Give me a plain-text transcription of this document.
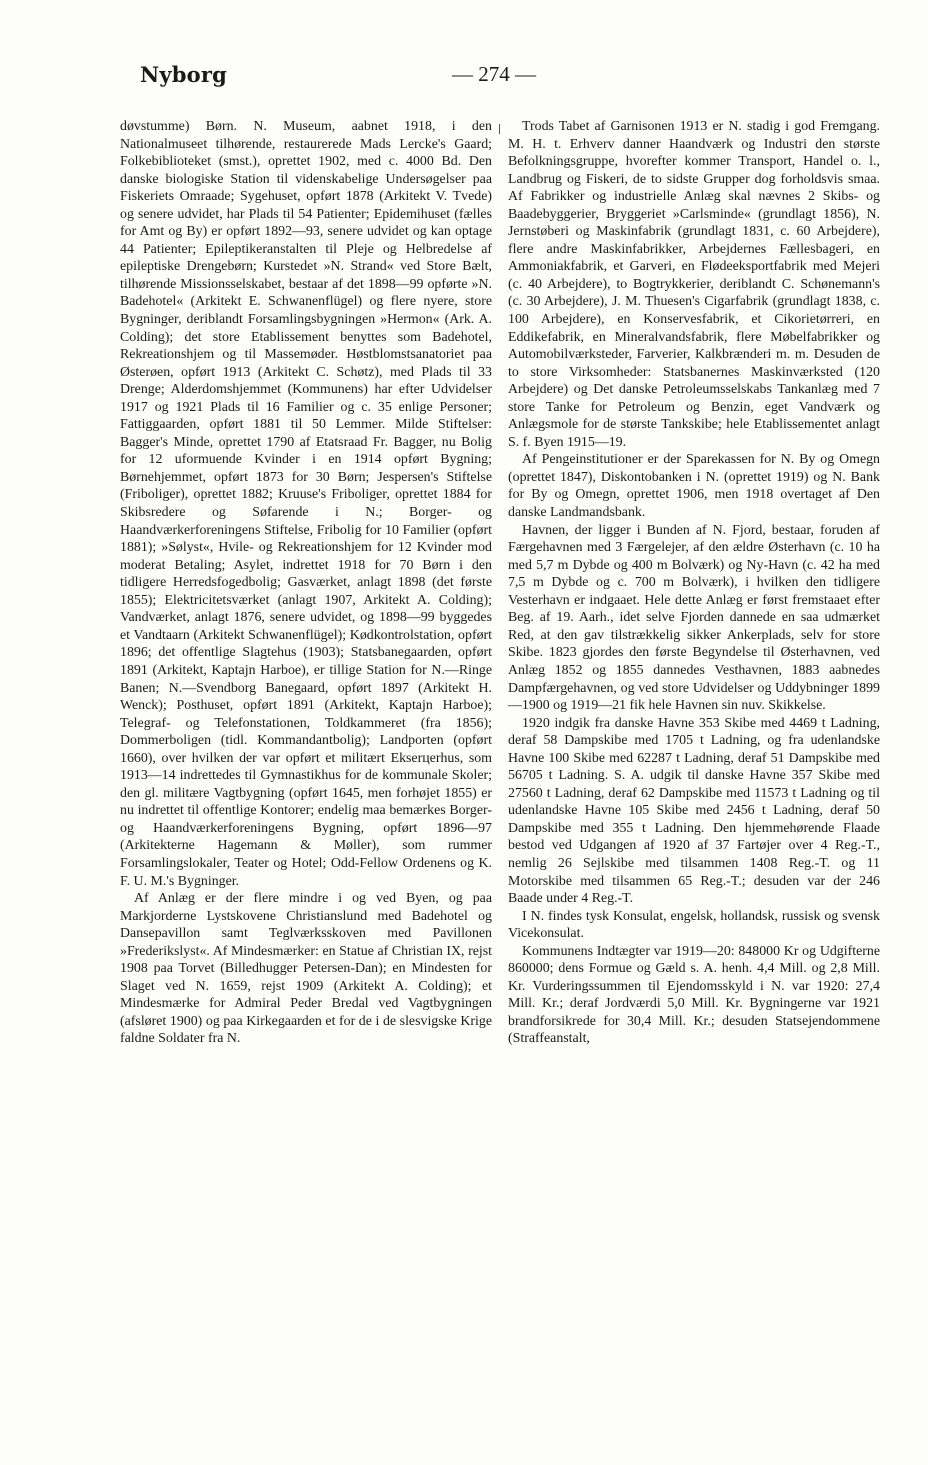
Nyborg	— 274 —

døvstumme) Børn. N. Museum, aabnet 1918, i den Nationalmuseet tilhørende, restaurerede Mads Lercke's Gaard; Folkebiblioteket (smst.), oprettet 1902, med c. 4000 Bd. Den danske biologiske Station til videnskabelige Undersøgelser paa Fiskeriets Omraade; Sygehuset, opført 1878 (Arkitekt V. Tvede) og senere udvidet, har Plads til 54 Patienter; Epidemihuset (fælles for Amt og By) er opført 1892—93, senere udvidet og kan optage 44 Patienter; Epileptikeranstalten til Pleje og Helbredelse af epileptiske Drengebørn; Kurstedet »N. Strand« ved Store Bælt, tilhørende Missionsselskabet, bestaar af det 1898—99 opførte »N. Badehotel« (Arkitekt E. Schwanenflügel) og flere nyere, store Bygninger, deriblandt Forsamlingsbygningen »Hermon« (Ark. A. Colding); det store Etablissement benyttes som Badehotel, Rekreationshjem og til Massemøder. Høstblomstsanatoriet paa Østerøen, opført 1913 (Arkitekt C. Schøtz), med Plads til 33 Drenge; Alderdomshjemmet (Kommunens) har efter Udvidelser 1917 og 1921 Plads til 16 Familier og c. 35 enlige Personer; Fattiggaarden, opført 1881 til 50 Lemmer. Milde Stiftelser: Bagger's Minde, oprettet 1790 af Etatsraad Fr. Bagger, nu Bolig for 12 uformuende Kvinder i en 1914 opført Bygning; Børnehjemmet, opført 1873 for 30 Børn; Jespersen's Stiftelse (Friboliger), oprettet 1882; Kruuse's Friboliger, oprettet 1884 for Skibsredere og Søfarende i N.; Borger- og Haandværkerforeningens Stiftelse, Fribolig for 10 Familier (opført 1881); »Sølyst«, Hvile- og Rekreationshjem for 12 Kvinder mod moderat Betaling; Asylet, indrettet 1918 for 70 Børn i den tidligere Herredsfogedbolig; Gasværket, anlagt 1898 (det første 1855); Elektricitetsværket (anlagt 1907, Arkitekt A. Colding); Vandværket, anlagt 1876, senere udvidet, og 1898—99 byggedes et Vandtaarn (Arkitekt Schwanenflügel); Kødkontrolstation, opført 1896; det offentlige Slagtehus (1903); Statsbanegaarden, opført 1891 (Arkitekt, Kaptajn Harboe), er tillige Station for N.—Ringe Banen; N.—Svendborg Banegaard, opført 1897 (Arkitekt H. Wenck); Posthuset, opført 1891 (Arkitekt, Kaptajn Harboe); Telegraf- og Telefonstationen, Toldkammeret (fra 1856); Dommerboligen (tidl. Kommandantbolig); Landporten (opført 1660), over hvilken der var opført et militært Ekserцerhus, som 1913—14 indrettedes til Gymnastikhus for de kommunale Skoler; den gl. militære Vagtbygning (opført 1645, men forhøjet 1855) er nu indrettet til offentlige Kontorer; endelig maa bemærkes Borger- og Haandværkerforeningens Bygning, opført 1896—97 (Arkitekterne Hagemann & Møller), som rummer Forsamlingslokaler, Teater og Hotel; Odd-Fellow Ordenens og K. F. U. M.'s Bygninger.

Af Anlæg er der flere mindre i og ved Byen, og paa Markjorderne Lystskovene Christianslund med Badehotel og Dansepavillon samt Teglværksskoven med Pavillonen »Frederikslyst«. Af Mindesmærker: en Statue af Christian IX, rejst 1908 paa Torvet (Billedhugger Petersen-Dan); en Mindesten for Slaget ved N. 1659, rejst 1909 (Arkitekt A. Colding); et Mindesmærke for Admiral Peder Bredal ved Vagtbygningen (afsløret 1900) og paa Kirkegaarden et for de i de slesvigske Krige faldne Soldater fra N.

Trods Tabet af Garnisonen 1913 er N. stadig i god Fremgang. M. H. t. Erhverv danner Haandværk og Industri den største Befolkningsgruppe, hvorefter kommer Transport, Handel o. l., Landbrug og Fiskeri, de to sidste Grupper dog forholdsvis smaa. Af Fabrikker og industrielle Anlæg skal nævnes 2 Skibs- og Baadebyggerier, Bryggeriet »Carlsminde« (grundlagt 1856), N. Jernstøberi og Maskinfabrik (grundlagt 1831, c. 60 Arbejdere), flere andre Maskinfabrikker, Arbejdernes Fællesbageri, en Ammoniakfabrik, et Garveri, en Flødeeksportfabrik med Mejeri (c. 40 Arbejdere), to Bogtrykkerier, deriblandt C. Schønemann's (c. 30 Arbejdere), J. M. Thuesen's Cigarfabrik (grundlagt 1838, c. 100 Arbejdere), en Konservesfabrik, et Cikorietørreri, en Eddikefabrik, en Mineralvandsfabrik, flere Møbelfabrikker og Automobilværksteder, Farverier, Kalkbrænderi m. m. Desuden de to store Virksomheder: Statsbanernes Maskinværksted (120 Arbejdere) og Det danske Petroleumsselskabs Tankanlæg med 7 store Tanke for Petroleum og Benzin, eget Vandværk og Anlægsmole for de største Tankskibe; hele Etablissementet anlagt S. f. Byen 1915—19.

Af Pengeinstitutioner er der Sparekassen for N. By og Omegn (oprettet 1847), Diskontobanken i N. (oprettet 1919) og N. Bank for By og Omegn, oprettet 1906, men 1918 overtaget af Den danske Landmandsbank.

Havnen, der ligger i Bunden af N. Fjord, bestaar, foruden af Færgehavnen med 3 Færgelejer, af den ældre Østerhavn (c. 10 ha med 5,7 m Dybde og 400 m Bolværk) og Ny-Havn (c. 42 ha med 7,5 m Dybde og c. 700 m Bolværk), i hvilken den tidligere Vesterhavn er indgaaet. Hele dette Anlæg er først fremstaaet efter Beg. af 19. Aarh., idet selve Fjorden dannede en saa udmærket Red, at den gav tilstrækkelig sikker Ankerplads, selv for store Skibe. 1823 gjordes den første Begyndelse til Østerhavnen, ved Anlæg 1852 og 1855 dannedes Vesthavnen, 1883 aabnedes Dampfærgehavnen, og ved store Udvidelser og Uddybninger 1899—1900 og 1919—21 fik hele Havnen sin nuv. Skikkelse.

1920 indgik fra danske Havne 353 Skibe med 4469 t Ladning, deraf 58 Dampskibe med 1705 t Ladning, og fra udenlandske Havne 100 Skibe med 62287 t Ladning, deraf 51 Dampskibe med 56705 t Ladning. S. A. udgik til danske Havne 357 Skibe med 27560 t Ladning, deraf 62 Dampskibe med 11573 t Ladning og til udenlandske Havne 105 Skibe med 2456 t Ladning, deraf 50 Dampskibe med 355 t Ladning. Den hjemmehørende Flaade bestod ved Udgangen af 1920 af 37 Fartøjer over 4 Reg.-T., nemlig 26 Sejlskibe med tilsammen 1408 Reg.-T. og 11 Motorskibe med tilsammen 65 Reg.-T.; desuden var der 246 Baade under 4 Reg.-T.

I N. findes tysk Konsulat, engelsk, hollandsk, russisk og svensk Vicekonsulat.

Kommunens Indtægter var 1919—20: 848000 Kr og Udgifterne 860000; dens Formue og Gæld s. A. henh. 4,4 Mill. og 2,8 Mill. Kr. Vurderingssummen til Ejendomsskyld i N. var 1920: 27,4 Mill. Kr.; deraf Jordværdi 5,0 Mill. Kr. Bygningerne var 1921 brandforsikrede for 30,4 Mill. Kr.; desuden Statsejendommene (Straffeanstalt,
